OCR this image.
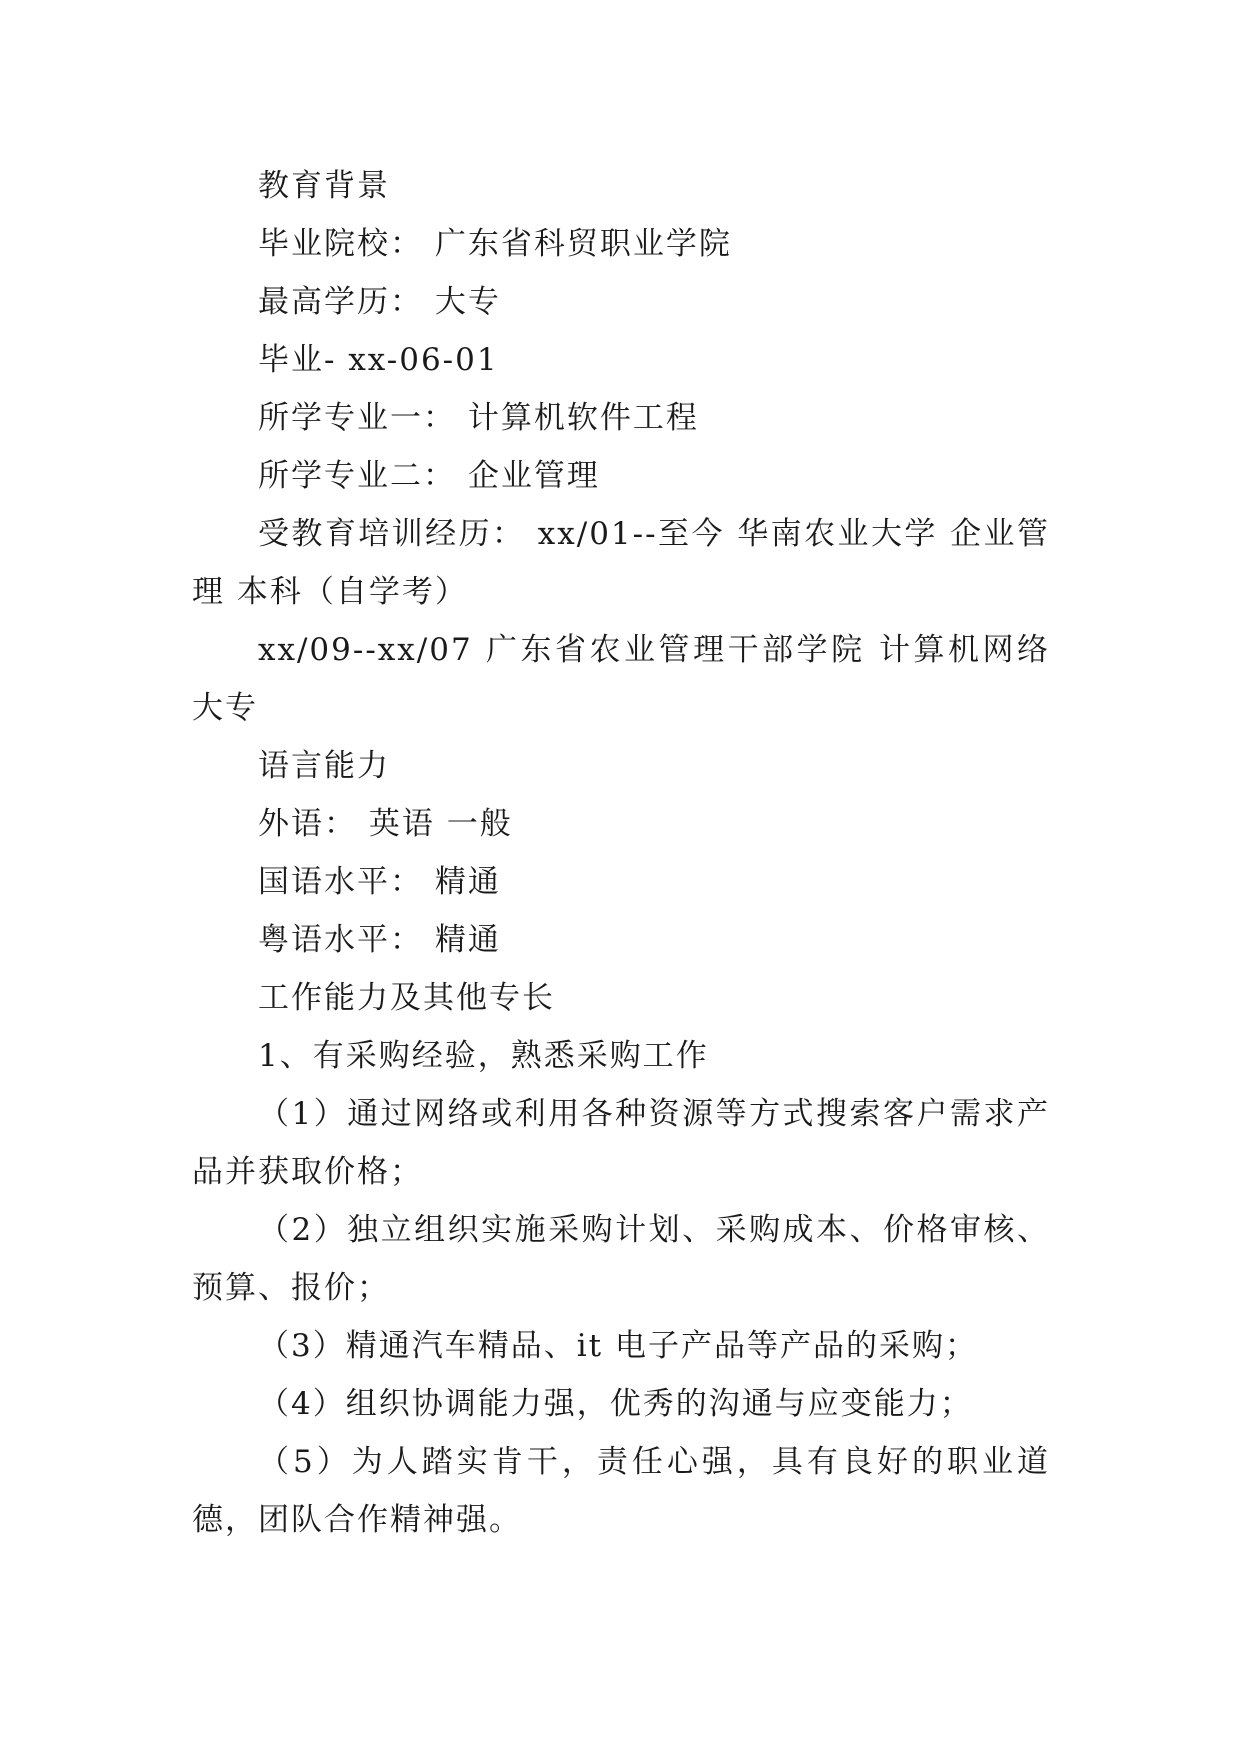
教育背景

毕业院校： 广东省科贸职业学院

最高学历： 大专

毕业- xx-06-01

所学专业一： 计算机软件工程

所学专业二： 企业管理

受教育培训经历： xx/01--至今 华南农业大学 企业管理 本科（自学考）

xx/09--xx/07 广东省农业管理干部学院 计算机网络大专

语言能力

外语： 英语 一般

国语水平： 精通

粤语水平： 精通

工作能力及其他专长

1、有采购经验，熟悉采购工作

（1）通过网络或利用各种资源等方式搜索客户需求产品并获取价格；

（2）独立组织实施采购计划、采购成本、价格审核、预算、报价；

（3）精通汽车精品、it 电子产品等产品的采购；

（4）组织协调能力强，优秀的沟通与应变能力；

（5）为人踏实肯干，责任心强，具有良好的职业道德，团队合作精神强。
